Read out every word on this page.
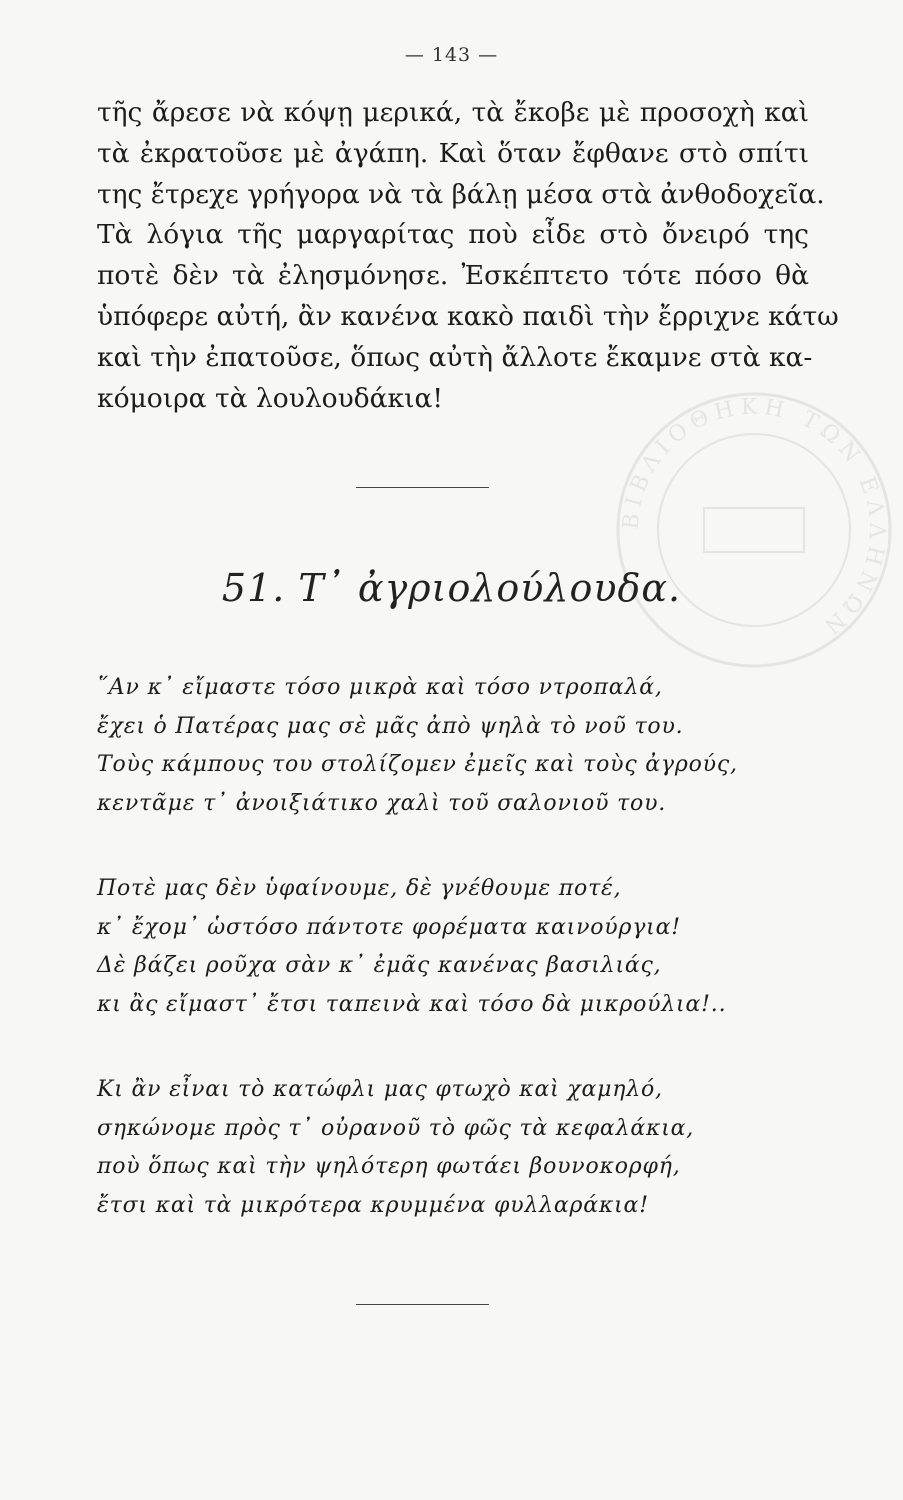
ΒΙΒΛΙΟΘΗΚΗ ΤΩΝ ΕΛΛΗΝΩΝ
— 143 —
τῆς ἄρεσε νὰ κόψῃ μερικά, τὰ ἔκοβε μὲ προσοχὴ καὶ
τὰ ἐκρατοῦσε μὲ ἀγάπη. Καὶ ὅταν ἔφθανε στὸ σπίτι
της ἔτρεχε γρήγορα νὰ τὰ βάλῃ μέσα στὰ ἀνθοδοχεῖα.
Τὰ λόγια τῆς μαργαρίτας ποὺ εἶδε στὸ ὄνειρό της
ποτὲ δὲν τὰ ἐλησμόνησε. Ἐσκέπτετο τότε πόσο θὰ
ὑπόφερε αὐτή, ἂν κανένα κακὸ παιδὶ τὴν ἔρριχνε κάτω
καὶ τὴν ἐπατοῦσε, ὅπως αὐτὴ ἄλλοτε ἔκαμνε στὰ κα-
κόμοιρα τὰ λουλουδάκια!
51. Τ᾿ ἀγριολούλουδα.
῞Αν κ᾿ εἴμαστε τόσο μικρὰ καὶ τόσο ντροπαλά,
ἔχει ὁ Πατέρας μας σὲ μᾶς ἀπὸ ψηλὰ τὸ νοῦ του.
Τοὺς κάμπους του στολίζομεν ἐμεῖς καὶ τοὺς ἀγρούς,
κεντᾶμε τ᾿ ἀνοιξιάτικο χαλὶ τοῦ σαλονιοῦ του.
Ποτὲ μας δὲν ὑφαίνουμε, δὲ γνέθουμε ποτέ,
κ᾿ ἔχομ᾿ ὡστόσο πάντοτε φορέματα καινούργια!
Δὲ βάζει ροῦχα σὰν κ᾿ ἐμᾶς κανένας βασιλιάς,
κι ἂς εἴμαστ᾿ ἔτσι ταπεινὰ καὶ τόσο δὰ μικρούλια!..
Κι ἂν εἶναι τὸ κατώφλι μας φτωχὸ καὶ χαμηλό,
σηκώνομε πρὸς τ᾿ οὐρανοῦ τὸ φῶς τὰ κεφαλάκια,
ποὺ ὅπως καὶ τὴν ψηλότερη φωτάει βουνοκορφή,
ἔτσι καὶ τὰ μικρότερα κρυμμένα φυλλαράκια!
